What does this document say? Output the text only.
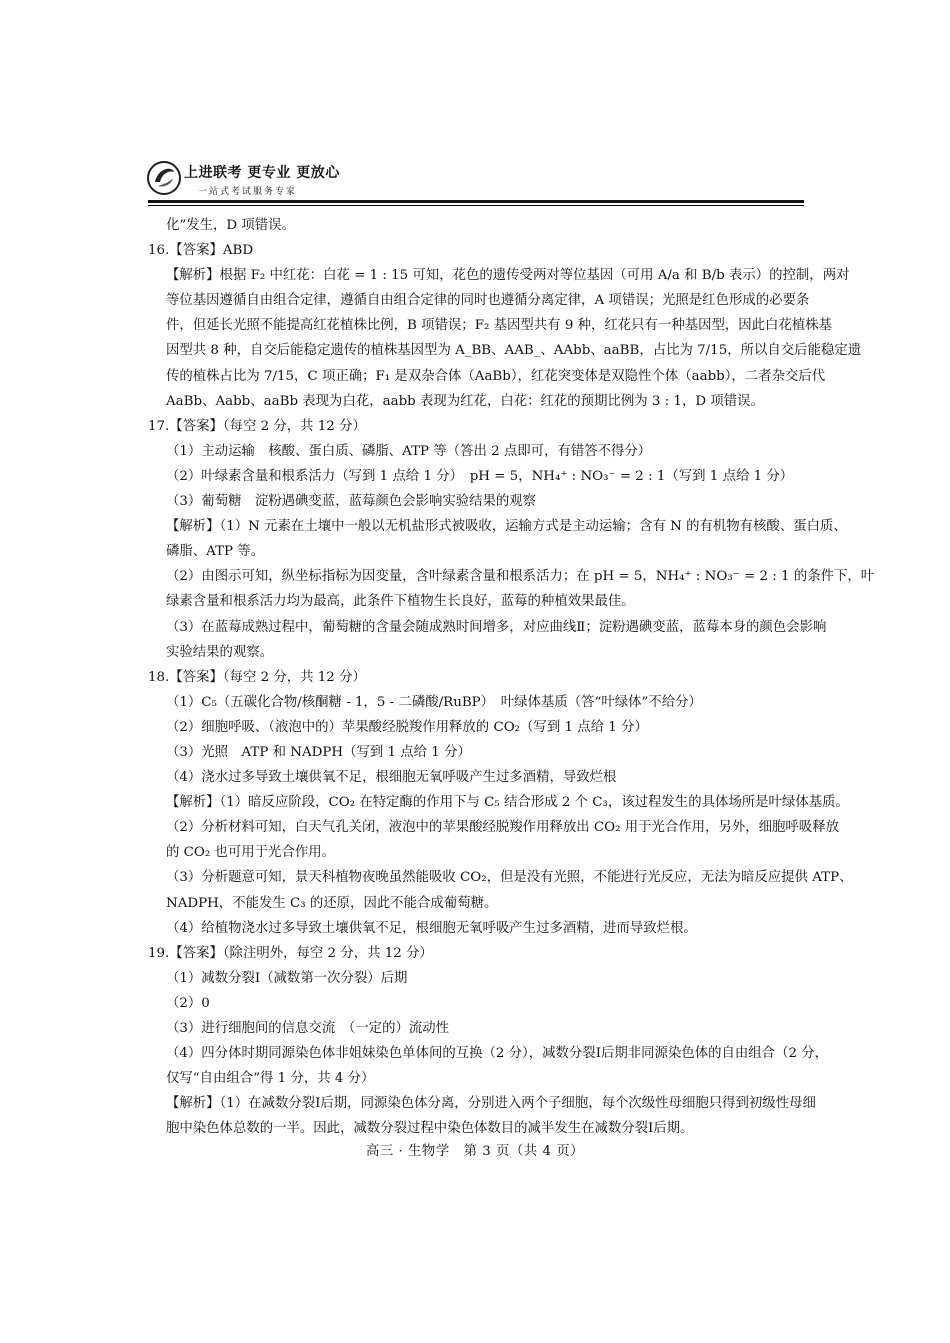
上进联考 更专业 更放心
一站式考试服务专家
化”发生，D 项错误。
16.【答案】ABD
【解析】根据 F₂ 中红花：白花 = 1 : 15 可知，花色的遗传受两对等位基因（可用 A/a 和 B/b 表示）的控制，两对
等位基因遵循自由组合定律，遵循自由组合定律的同时也遵循分离定律，A 项错误；光照是红色形成的必要条
件，但延长光照不能提高红花植株比例，B 项错误；F₂ 基因型共有 9 种，红花只有一种基因型，因此白花植株基
因型共 8 种，自交后能稳定遗传的植株基因型为 A_BB、AAB_、AAbb、aaBB，占比为 7/15，所以自交后能稳定遗
传的植株占比为 7/15，C 项正确；F₁ 是双杂合体（AaBb），红花突变体是双隐性个体（aabb），二者杂交后代
AaBb、Aabb、aaBb 表现为白花，aabb 表现为红花，白花：红花的预期比例为 3 : 1，D 项错误。
17.【答案】（每空 2 分，共 12 分）
（1）主动运输　核酸、蛋白质、磷脂、ATP 等（答出 2 点即可，有错答不得分）
（2）叶绿素含量和根系活力（写到 1 点给 1 分）　pH = 5，NH₄⁺ : NO₃⁻ = 2 : 1（写到 1 点给 1 分）
（3）葡萄糖　淀粉遇碘变蓝，蓝莓颜色会影响实验结果的观察
【解析】（1）N 元素在土壤中一般以无机盐形式被吸收，运输方式是主动运输；含有 N 的有机物有核酸、蛋白质、
磷脂、ATP 等。
（2）由图示可知，纵坐标指标为因变量，含叶绿素含量和根系活力；在 pH = 5，NH₄⁺ : NO₃⁻ = 2 : 1 的条件下，叶
绿素含量和根系活力均为最高，此条件下植物生长良好，蓝莓的种植效果最佳。
（3）在蓝莓成熟过程中，葡萄糖的含量会随成熟时间增多，对应曲线Ⅱ；淀粉遇碘变蓝，蓝莓本身的颜色会影响
实验结果的观察。
18.【答案】（每空 2 分，共 12 分）
（1）C₅（五碳化合物/核酮糖 - 1，5 - 二磷酸/RuBP）　叶绿体基质（答“叶绿体”不给分）
（2）细胞呼吸、（液泡中的）苹果酸经脱羧作用释放的 CO₂（写到 1 点给 1 分）
（3）光照　ATP 和 NADPH（写到 1 点给 1 分）
（4）浇水过多导致土壤供氧不足，根细胞无氧呼吸产生过多酒精，导致烂根
【解析】（1）暗反应阶段，CO₂ 在特定酶的作用下与 C₅ 结合形成 2 个 C₃，该过程发生的具体场所是叶绿体基质。
（2）分析材料可知，白天气孔关闭，液泡中的苹果酸经脱羧作用释放出 CO₂ 用于光合作用，另外，细胞呼吸释放
的 CO₂ 也可用于光合作用。
（3）分析题意可知，景天科植物夜晚虽然能吸收 CO₂，但是没有光照，不能进行光反应，无法为暗反应提供 ATP、
NADPH，不能发生 C₃ 的还原，因此不能合成葡萄糖。
（4）给植物浇水过多导致土壤供氧不足，根细胞无氧呼吸产生过多酒精，进而导致烂根。
19.【答案】（除注明外，每空 2 分，共 12 分）
（1）减数分裂Ⅰ（减数第一次分裂）后期
（2）0
（3）进行细胞间的信息交流　（一定的）流动性
（4）四分体时期同源染色体非姐妹染色单体间的互换（2 分），减数分裂Ⅰ后期非同源染色体的自由组合（2 分，
仅写“自由组合”得 1 分，共 4 分）
【解析】（1）在减数分裂Ⅰ后期，同源染色体分离，分别进入两个子细胞，每个次级性母细胞只得到初级性母细
胞中染色体总数的一半。因此，减数分裂过程中染色体数目的减半发生在减数分裂Ⅰ后期。
高三 · 生物学　第 3 页（共 4 页）
